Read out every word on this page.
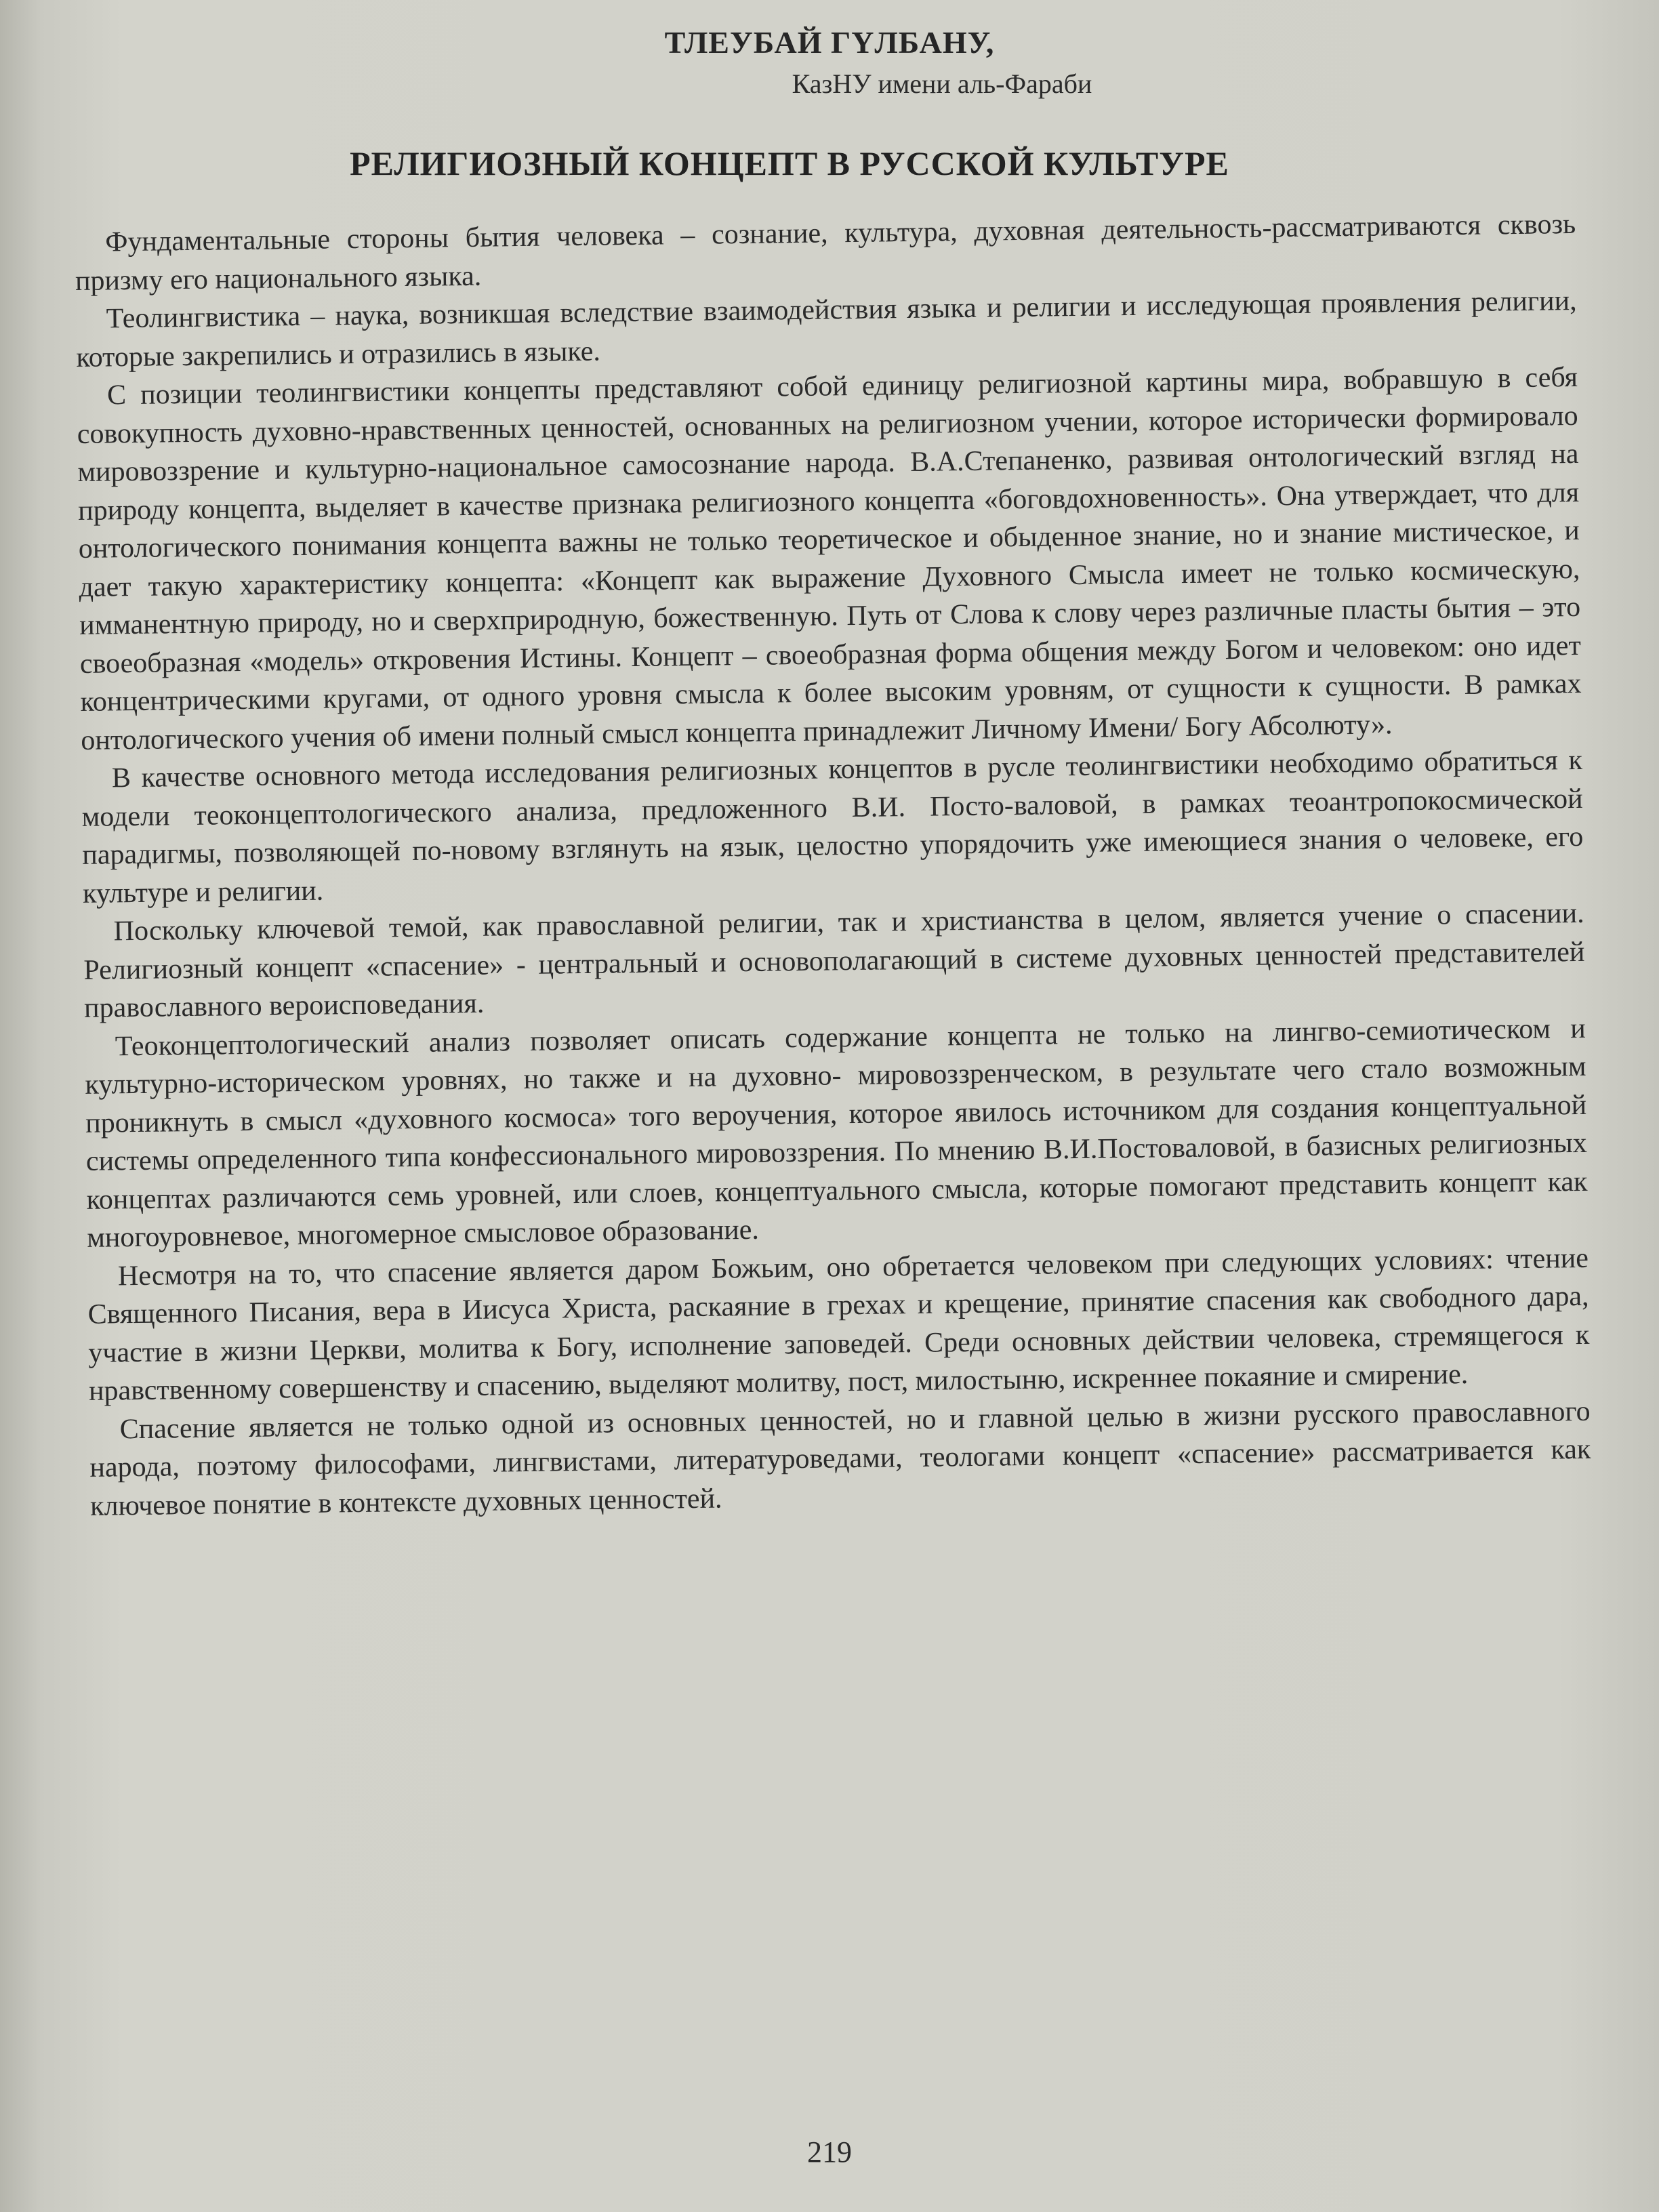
ТЛЕУБАЙ ГҮЛБАНУ,
КазНУ имени аль-Фараби
РЕЛИГИОЗНЫЙ КОНЦЕПТ В РУССКОЙ КУЛЬТУРЕ

Фундаментальные стороны бытия человека – сознание, культура, духовная деятельность-рассматриваются сквозь призму его национального языка.

Теолингвистика – наука, возникшая вследствие взаимодействия языка и религии и исследующая проявления религии, которые закрепились и отразились в языке.

С позиции теолингвистики концепты представляют собой единицу религиозной картины мира, вобравшую в себя совокупность духовно-нравственных ценностей, основанных на религиозном учении, которое исторически формировало мировоззрение и культурно-национальное самосознание народа. В.А.Степаненко, развивая онтологический взгляд на природу концепта, выделяет в качестве признака религиозного концепта «боговдохновенность». Она утверждает, что для онтологического понимания концепта важны не только теоретическое и обыденное знание, но и знание мистическое, и дает такую характеристику концепта: «Концепт как выражение Духовного Смысла имеет не только космическую, имманентную природу, но и сверхприродную, божественную. Путь от Слова к слову через различные пласты бытия – это своеобразная «модель» откровения Истины. Концепт – своеобразная форма общения между Богом и человеком: оно идет концентрическими кругами, от одного уровня смысла к более высоким уровням, от сущности к сущности. В рамках онтологического учения об имени полный смысл концепта принадлежит Личному Имени/ Богу Абсолюту».

В качестве основного метода исследования религиозных концептов в русле теолингвистики необходимо обратиться к модели теоконцептологического анализа, предложенного В.И. Посто-валовой, в рамках теоантропокосмической парадигмы, позволяющей по-новому взглянуть на язык, целостно упорядочить уже имеющиеся знания о человеке, его культуре и религии.

Поскольку ключевой темой, как православной религии, так и христианства в целом, является учение о спасении. Религиозный концепт «спасение» - центральный и основополагающий в системе духовных ценностей представителей православного вероисповедания.

Теоконцептологический анализ позволяет описать содержание концепта не только на лингво-семиотическом и культурно-историческом уровнях, но также и на духовно- мировоззренческом, в результате чего стало возможным проникнуть в смысл «духовного космоса» того вероучения, которое явилось источником для создания концептуальной системы определенного типа конфессионального мировоззрения. По мнению В.И.Постоваловой, в базисных религиозных концептах различаются семь уровней, или слоев, концептуального смысла, которые помогают представить концепт как многоуровневое, многомерное смысловое образование.

Несмотря на то, что спасение является даром Божьим, оно обретается человеком при следующих условиях: чтение Священного Писания, вера в Иисуса Христа, раскаяние в грехах и крещение, принятие спасения как свободного дара, участие в жизни Церкви, молитва к Богу, исполнение заповедей. Среди основных действии человека, стремящегося к нравственному совершенству и спасению, выделяют молитву, пост, милостыню, искреннее покаяние и смирение.

Спасение является не только одной из основных ценностей, но и главной целью в жизни русского православного народа, поэтому философами, лингвистами, литературоведами, теологами концепт «спасение» рассматривается как ключевое понятие в контексте духовных ценностей.

219
